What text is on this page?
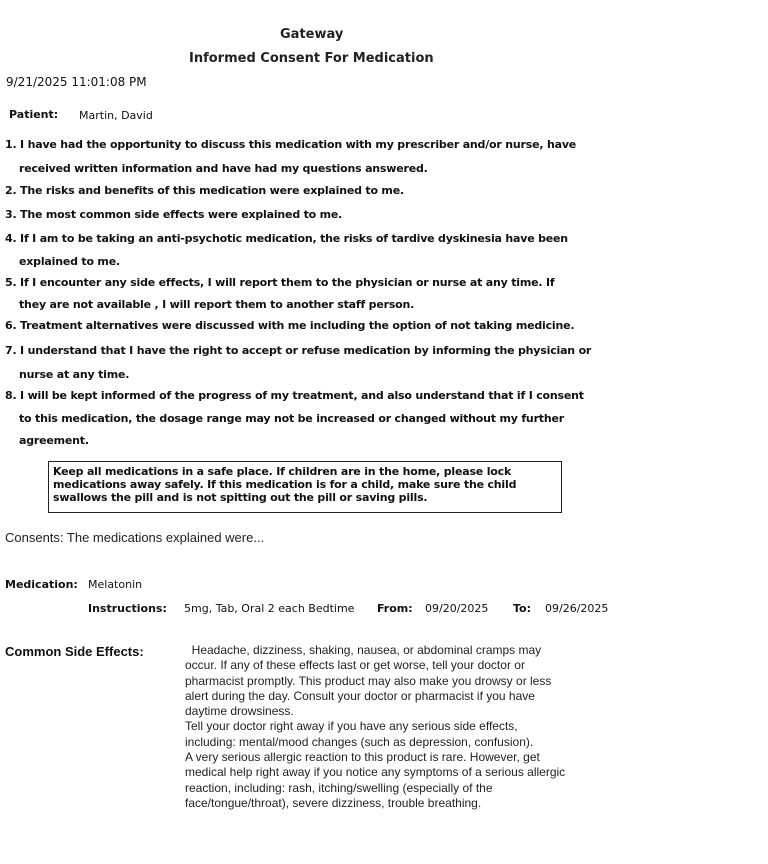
Gateway
Informed Consent For Medication
9/21/2025 11:01:08 PM
Patient: Martin, David
1. I have had the opportunity to discuss this medication with my prescriber and/or nurse, have
received written information and have had my questions answered.
2. The risks and benefits of this medication were explained to me.
3. The most common side effects were explained to me.
4. If I am to be taking an anti-psychotic medication, the risks of tardive dyskinesia have been
explained to me.
5. If I encounter any side effects, I will report them to the physician or nurse at any time. If
they are not available , I will report them to another staff person.
6. Treatment alternatives were discussed with me including the option of not taking medicine.
7. I understand that I have the right to accept or refuse medication by informing the physician or
nurse at any time.
8. I will be kept informed of the progress of my treatment, and also understand that if I consent
to this medication, the dosage range may not be increased or changed without my further
agreement.
Keep all medications in a safe place. If children are in the home, please lock
medications away safely. If this medication is for a child, make sure the child
swallows the pill and is not spitting out the pill or saving pills.
Consents: The medications explained were...
Medication: Melatonin
Instructions: 5mg, Tab, Oral 2 each Bedtime From: 09/20/2025 To: 09/26/2025
Common Side Effects:	Headache, dizziness, shaking, nausea, or abdominal cramps may
occur. If any of these effects last or get worse, tell your doctor or
pharmacist promptly. This product may also make you drowsy or less
alert during the day. Consult your doctor or pharmacist if you have
daytime drowsiness.
Tell your doctor right away if you have any serious side effects,
including: mental/mood changes (such as depression, confusion).
A very serious allergic reaction to this product is rare. However, get
medical help right away if you notice any symptoms of a serious allergic
reaction, including: rash, itching/swelling (especially of the
face/tongue/throat), severe dizziness, trouble breathing.
